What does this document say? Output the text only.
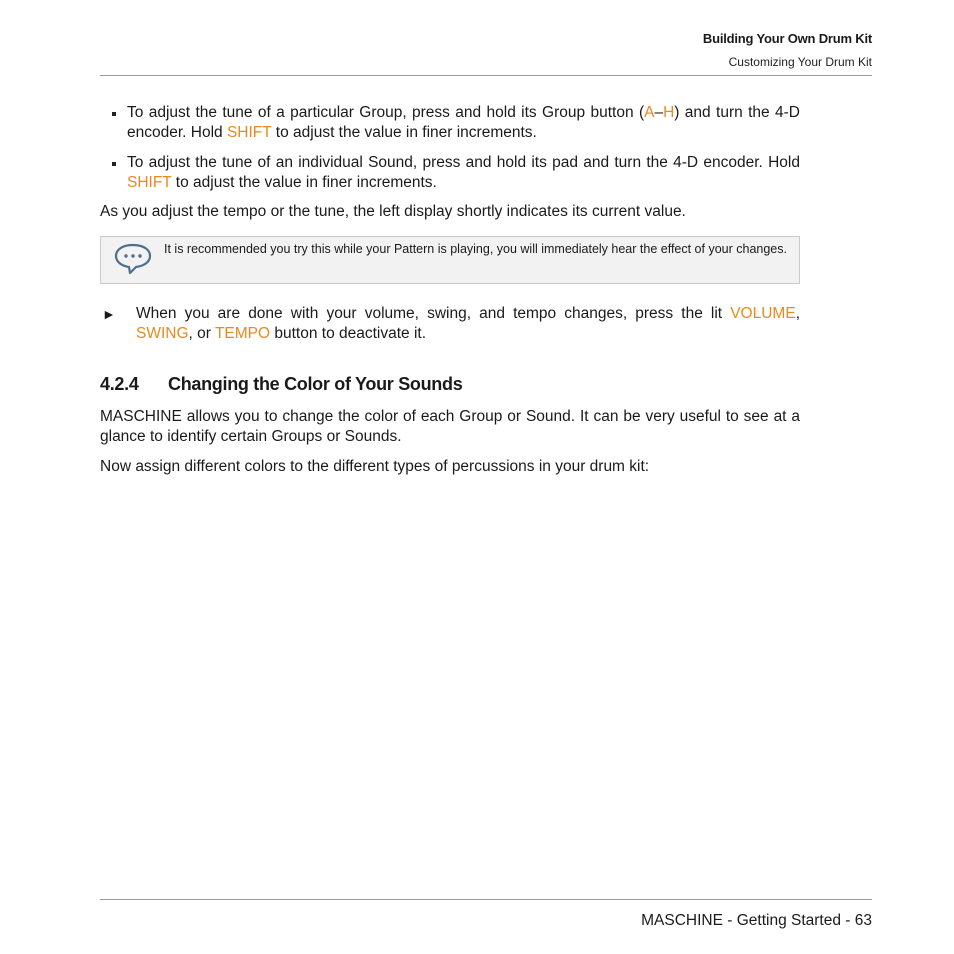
Building Your Own Drum Kit
Customizing Your Drum Kit
To adjust the tune of a particular Group, press and hold its Group button (A–H) and turn the 4-D encoder. Hold SHIFT to adjust the value in finer increments.
To adjust the tune of an individual Sound, press and hold its pad and turn the 4-D encoder. Hold SHIFT to adjust the value in finer increments.
As you adjust the tempo or the tune, the left display shortly indicates its current value.
It is recommended you try this while your Pattern is playing, you will immediately hear the effect of your changes.
► When you are done with your volume, swing, and tempo changes, press the lit VOLUME, SWING, or TEMPO button to deactivate it.
4.2.4 Changing the Color of Your Sounds
MASCHINE allows you to change the color of each Group or Sound. It can be very useful to see at a glance to identify certain Groups or Sounds.
Now assign different colors to the different types of percussions in your drum kit:
MASCHINE - Getting Started - 63
